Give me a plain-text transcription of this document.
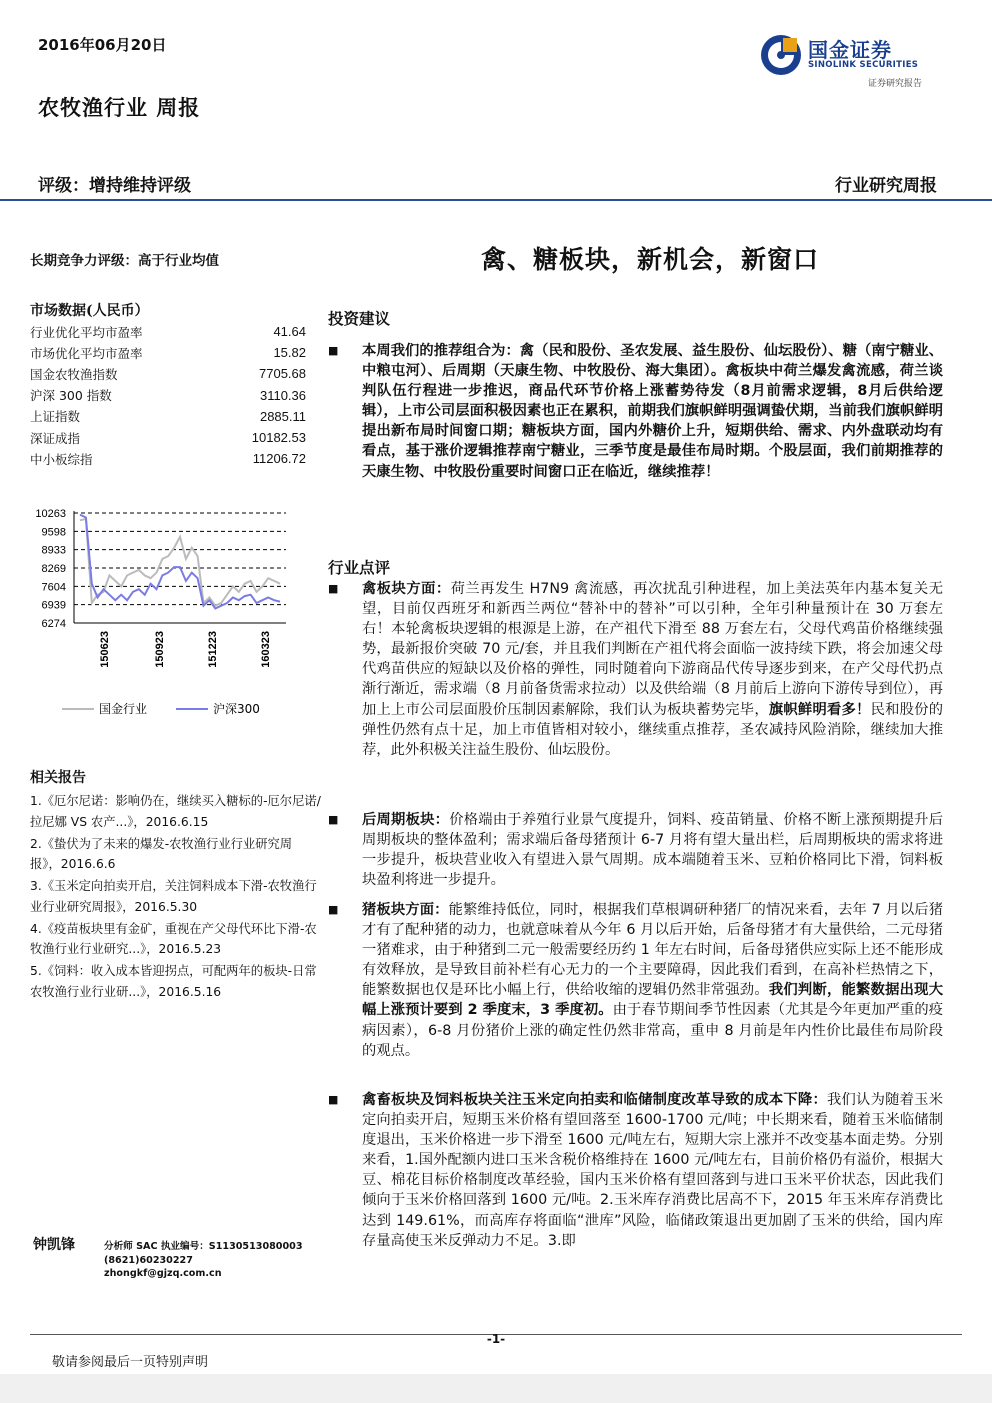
2016年06月20日
农牧渔行业 周报
国金证券
SINOLINK SECURITIES
证券研究报告
评级：增持维持评级	行业研究周报
长期竞争力评级：高于行业均值	禽、糖板块，新机会，新窗口
市场数据(人民币）
行业优化平均市盈率	41.64
市场优化平均市盈率	15.82
国金农牧渔指数	7705.68
沪深 300 指数	3110.36
上证指数	2885.11
深证成指	10182.53
中小板综指	11206.72
10263
9598
8933
8269
7604
6939
6274
150623	150923	151223	160323
国金行业	沪深300
相关报告
1.《厄尔尼诺：影响仍在，继续买入糖标的-厄尔尼诺/拉尼娜 VS 农产...》，2016.6.15
2.《蛰伏为了未来的爆发-农牧渔行业行业研究周报》，2016.6.6
3.《玉米定向拍卖开启，关注饲料成本下滑-农牧渔行业行业研究周报》，2016.5.30
4.《疫苗板块里有金矿，重视在产父母代环比下滑-农牧渔行业行业研究...》，2016.5.23
5.《饲料：收入成本皆迎拐点，可配两年的板块-日常农牧渔行业行业研...》，2016.5.16
钟凯锋	分析师 SAC 执业编号：S1130513080003
(8621)60230227
zhongkf@gjzq.com.cn
投资建议
■ 本周我们的推荐组合为：禽（民和股份、圣农发展、益生股份、仙坛股份）、糖（南宁糖业、中粮屯河）、后周期（天康生物、中牧股份、海大集团）。禽板块中荷兰爆发禽流感，荷兰谈判队伍行程进一步推迟，商品代环节价格上涨蓄势待发（8月前需求逻辑，8月后供给逻辑），上市公司层面积极因素也正在累积，前期我们旗帜鲜明强调蛰伏期，当前我们旗帜鲜明提出新布局时间窗口期；糖板块方面，国内外糖价上升，短期供给、需求、内外盘联动均有看点，基于涨价逻辑推荐南宁糖业，三季节度是最佳布局时期。个股层面，我们前期推荐的天康生物、中牧股份重要时间窗口正在临近，继续推荐！
行业点评
■ 禽板块方面：荷兰再发生 H7N9 禽流感，再次扰乱引种进程，加上美法英年内基本复关无望，目前仅西班牙和新西兰两位“替补中的替补”可以引种，全年引种量预计在 30 万套左右！本轮禽板块逻辑的根源是上游，在产祖代下滑至 88 万套左右，父母代鸡苗价格继续强势，最新报价突破 70 元/套，并且我们判断在产祖代将会面临一波持续下跌，将会加速父母代鸡苗供应的短缺以及价格的弹性，同时随着向下游商品代传导逐步到来，在产父母代扔点渐行渐近，需求端（8 月前备货需求拉动）以及供给端（8 月前后上游向下游传导到位），再加上上市公司层面股价压制因素解除，我们认为板块蓄势完毕，旗帜鲜明看多！民和股份的弹性仍然有点十足，加上市值皆相对较小，继续重点推荐，圣农减持风险消除，继续加大推荐，此外积极关注益生股份、仙坛股份。
■ 后周期板块：价格端由于养殖行业景气度提升，饲料、疫苗销量、价格不断上涨预期提升后周期板块的整体盈利；需求端后备母猪预计 6-7 月将有望大量出栏，后周期板块的需求将进一步提升，板块营业收入有望进入景气周期。成本端随着玉米、豆粕价格同比下滑，饲料板块盈利将进一步提升。
■ 猪板块方面：能繁维持低位，同时，根据我们草根调研种猪厂的情况来看，去年 7 月以后猪才有了配种猪的动力，也就意味着从今年 6 月以后开始，后备母猪才有大量供给，二元母猪一猪难求，由于种猪到二元一般需要经历约 1 年左右时间，后备母猪供应实际上还不能形成有效释放，是导致目前补栏有心无力的一个主要障碍，因此我们看到，在高补栏热情之下，能繁数据也仅是环比小幅上行，供给收缩的逻辑仍然非常强劲。我们判断，能繁数据出现大幅上涨预计要到 2 季度末，3 季度初。由于春节期间季节性因素（尤其是今年更加严重的疫病因素），6-8 月份猪价上涨的确定性仍然非常高，重申 8 月前是年内性价比最佳布局阶段的观点。
■ 禽畜板块及饲料板块关注玉米定向拍卖和临储制度改革导致的成本下降：我们认为随着玉米定向拍卖开启，短期玉米价格有望回落至 1600-1700 元/吨；中长期来看，随着玉米临储制度退出，玉米价格进一步下滑至 1600 元/吨左右，短期大宗上涨并不改变基本面走势。分别来看，1.国外配额内进口玉米含税价格维持在 1600 元/吨左右，目前价格仍有溢价，根据大豆、棉花目标价格制度改革经验，国内玉米价格有望回落到与进口玉米平价状态，因此我们倾向于玉米价格回落到 1600 元/吨。2.玉米库存消费比居高不下，2015 年玉米库存消费比达到 149.61%，而高库存将面临“泄库”风险，临储政策退出更加剧了玉米的供给，国内库存量高使玉米反弹动力不足。3.即
-1-
敬请参阅最后一页特别声明
